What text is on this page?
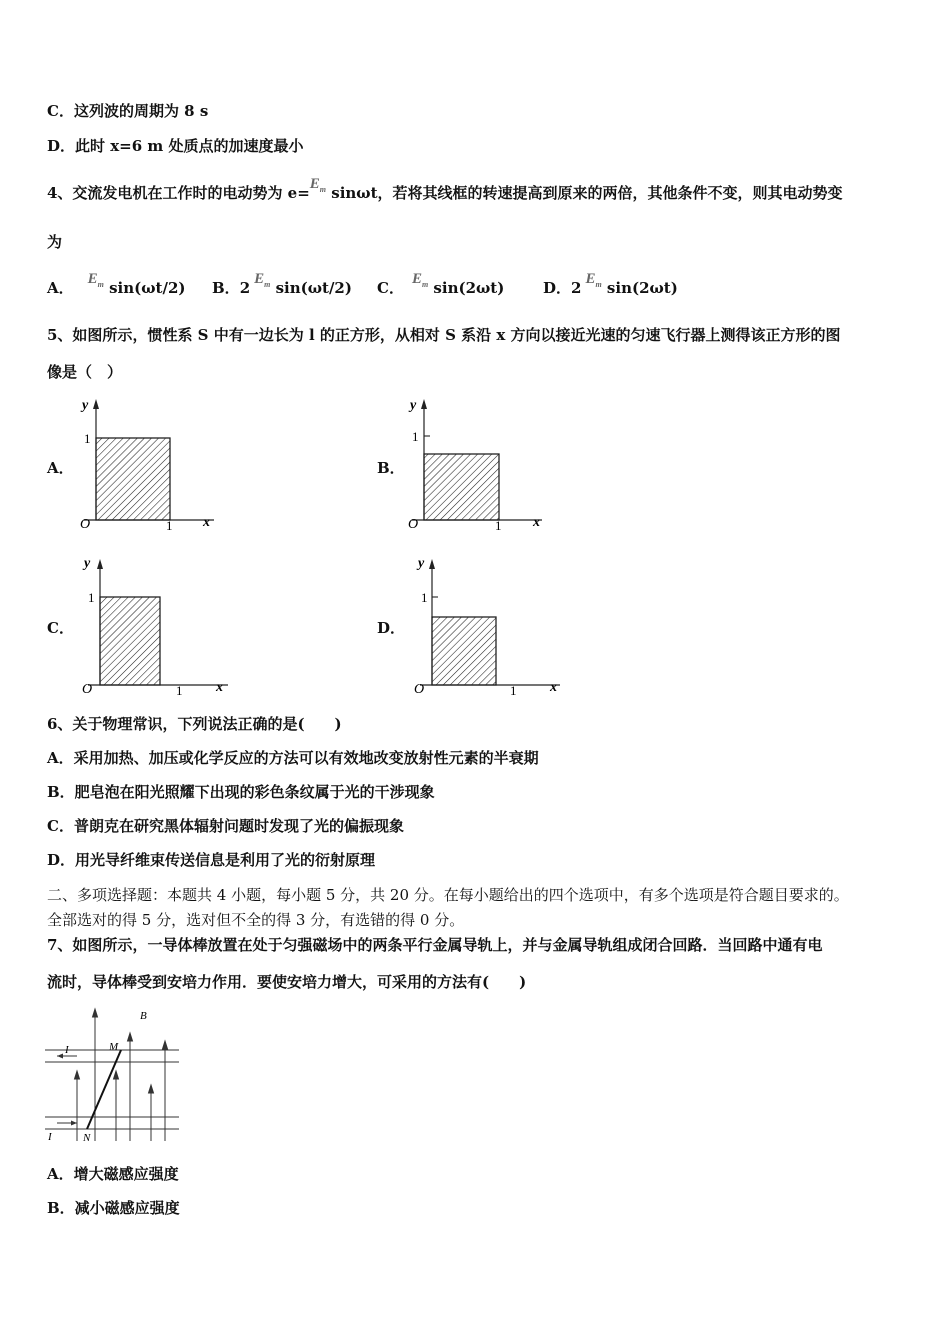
C．这列波的周期为 8 s
D．此时 x=6 m 处质点的加速度最小
4、交流发电机在工作时的电动势为 $e=E_m$ sinωt，若将其线框的转速提高到原来的两倍，其他条件不变，则其电动势变
为
A． $E_m$ sin(ωt/2) B．2 $E_m$ sin(ωt/2) C． $E_m$ sin(2ωt)	D．2 $E_m$ sin(2ωt)
5、如图所示，惯性系 S 中有一边长为 l 的正方形，从相对 S 系沿 x 方向以接近光速的匀速飞行器上测得该正方形的图
像是（　）
A．	B．
C．	D．
y
1
O	1 x
y
1
O	1 x
y
1
O	1 x
y
1
O	1 x
6、关于物理常识，下列说法正确的是(　　)
A．采用加热、加压或化学反应的方法可以有效地改变放射性元素的半衰期
B．肥皂泡在阳光照耀下出现的彩色条纹属于光的干涉现象
C．普朗克在研究黑体辐射问题时发现了光的偏振现象
D．用光导纤维束传送信息是利用了光的衍射原理
二、多项选择题：本题共 4 小题，每小题 5 分，共 20 分。在每小题给出的四个选项中，有多个选项是符合题目要求的。
全部选对的得 5 分，选对但不全的得 3 分，有选错的得 0 分。
7、如图所示，一导体棒放置在处于匀强磁场中的两条平行金属导轨上，并与金属导轨组成闭合回路．当回路中通有电
流时，导体棒受到安培力作用．要使安培力增大，可采用的方法有(　　)
B
M
N
I
I
A．增大磁感应强度
B．减小磁感应强度
